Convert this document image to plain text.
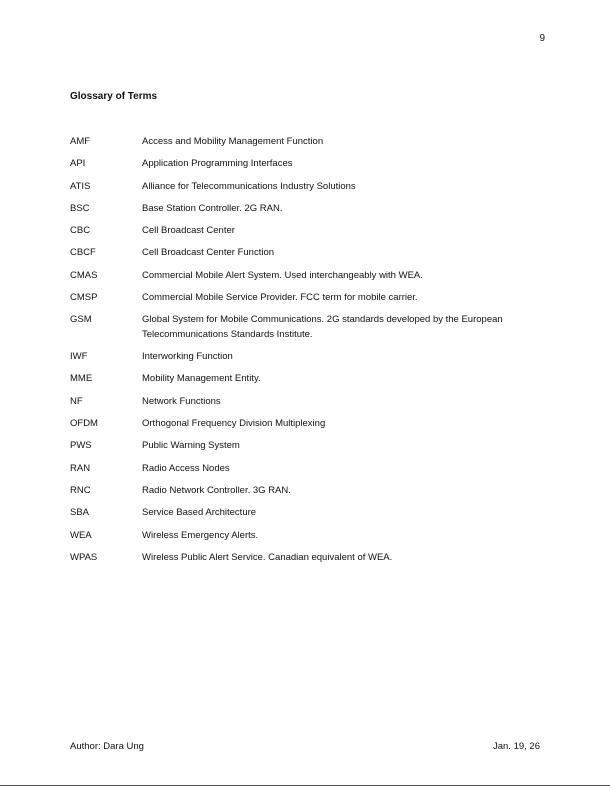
9
Glossary of Terms
AMF	Access and Mobility Management Function
API	Application Programming Interfaces
ATIS	Alliance for Telecommunications Industry Solutions
BSC	Base Station Controller. 2G RAN.
CBC	Cell Broadcast Center
CBCF	Cell Broadcast Center Function
CMAS	Commercial Mobile Alert System. Used interchangeably with WEA.
CMSP	Commercial Mobile Service Provider. FCC term for mobile carrier.
GSM	Global System for Mobile Communications. 2G standards developed by the European Telecommunications Standards Institute.
IWF	Interworking Function
MME	Mobility Management Entity.
NF	Network Functions
OFDM	Orthogonal Frequency Division Multiplexing
PWS	Public Warning System
RAN	Radio Access Nodes
RNC	Radio Network Controller. 3G RAN.
SBA	Service Based Architecture
WEA	Wireless Emergency Alerts.
WPAS	Wireless Public Alert Service. Canadian equivalent of WEA.
Author: Dara Ung	Jan. 19, 26
